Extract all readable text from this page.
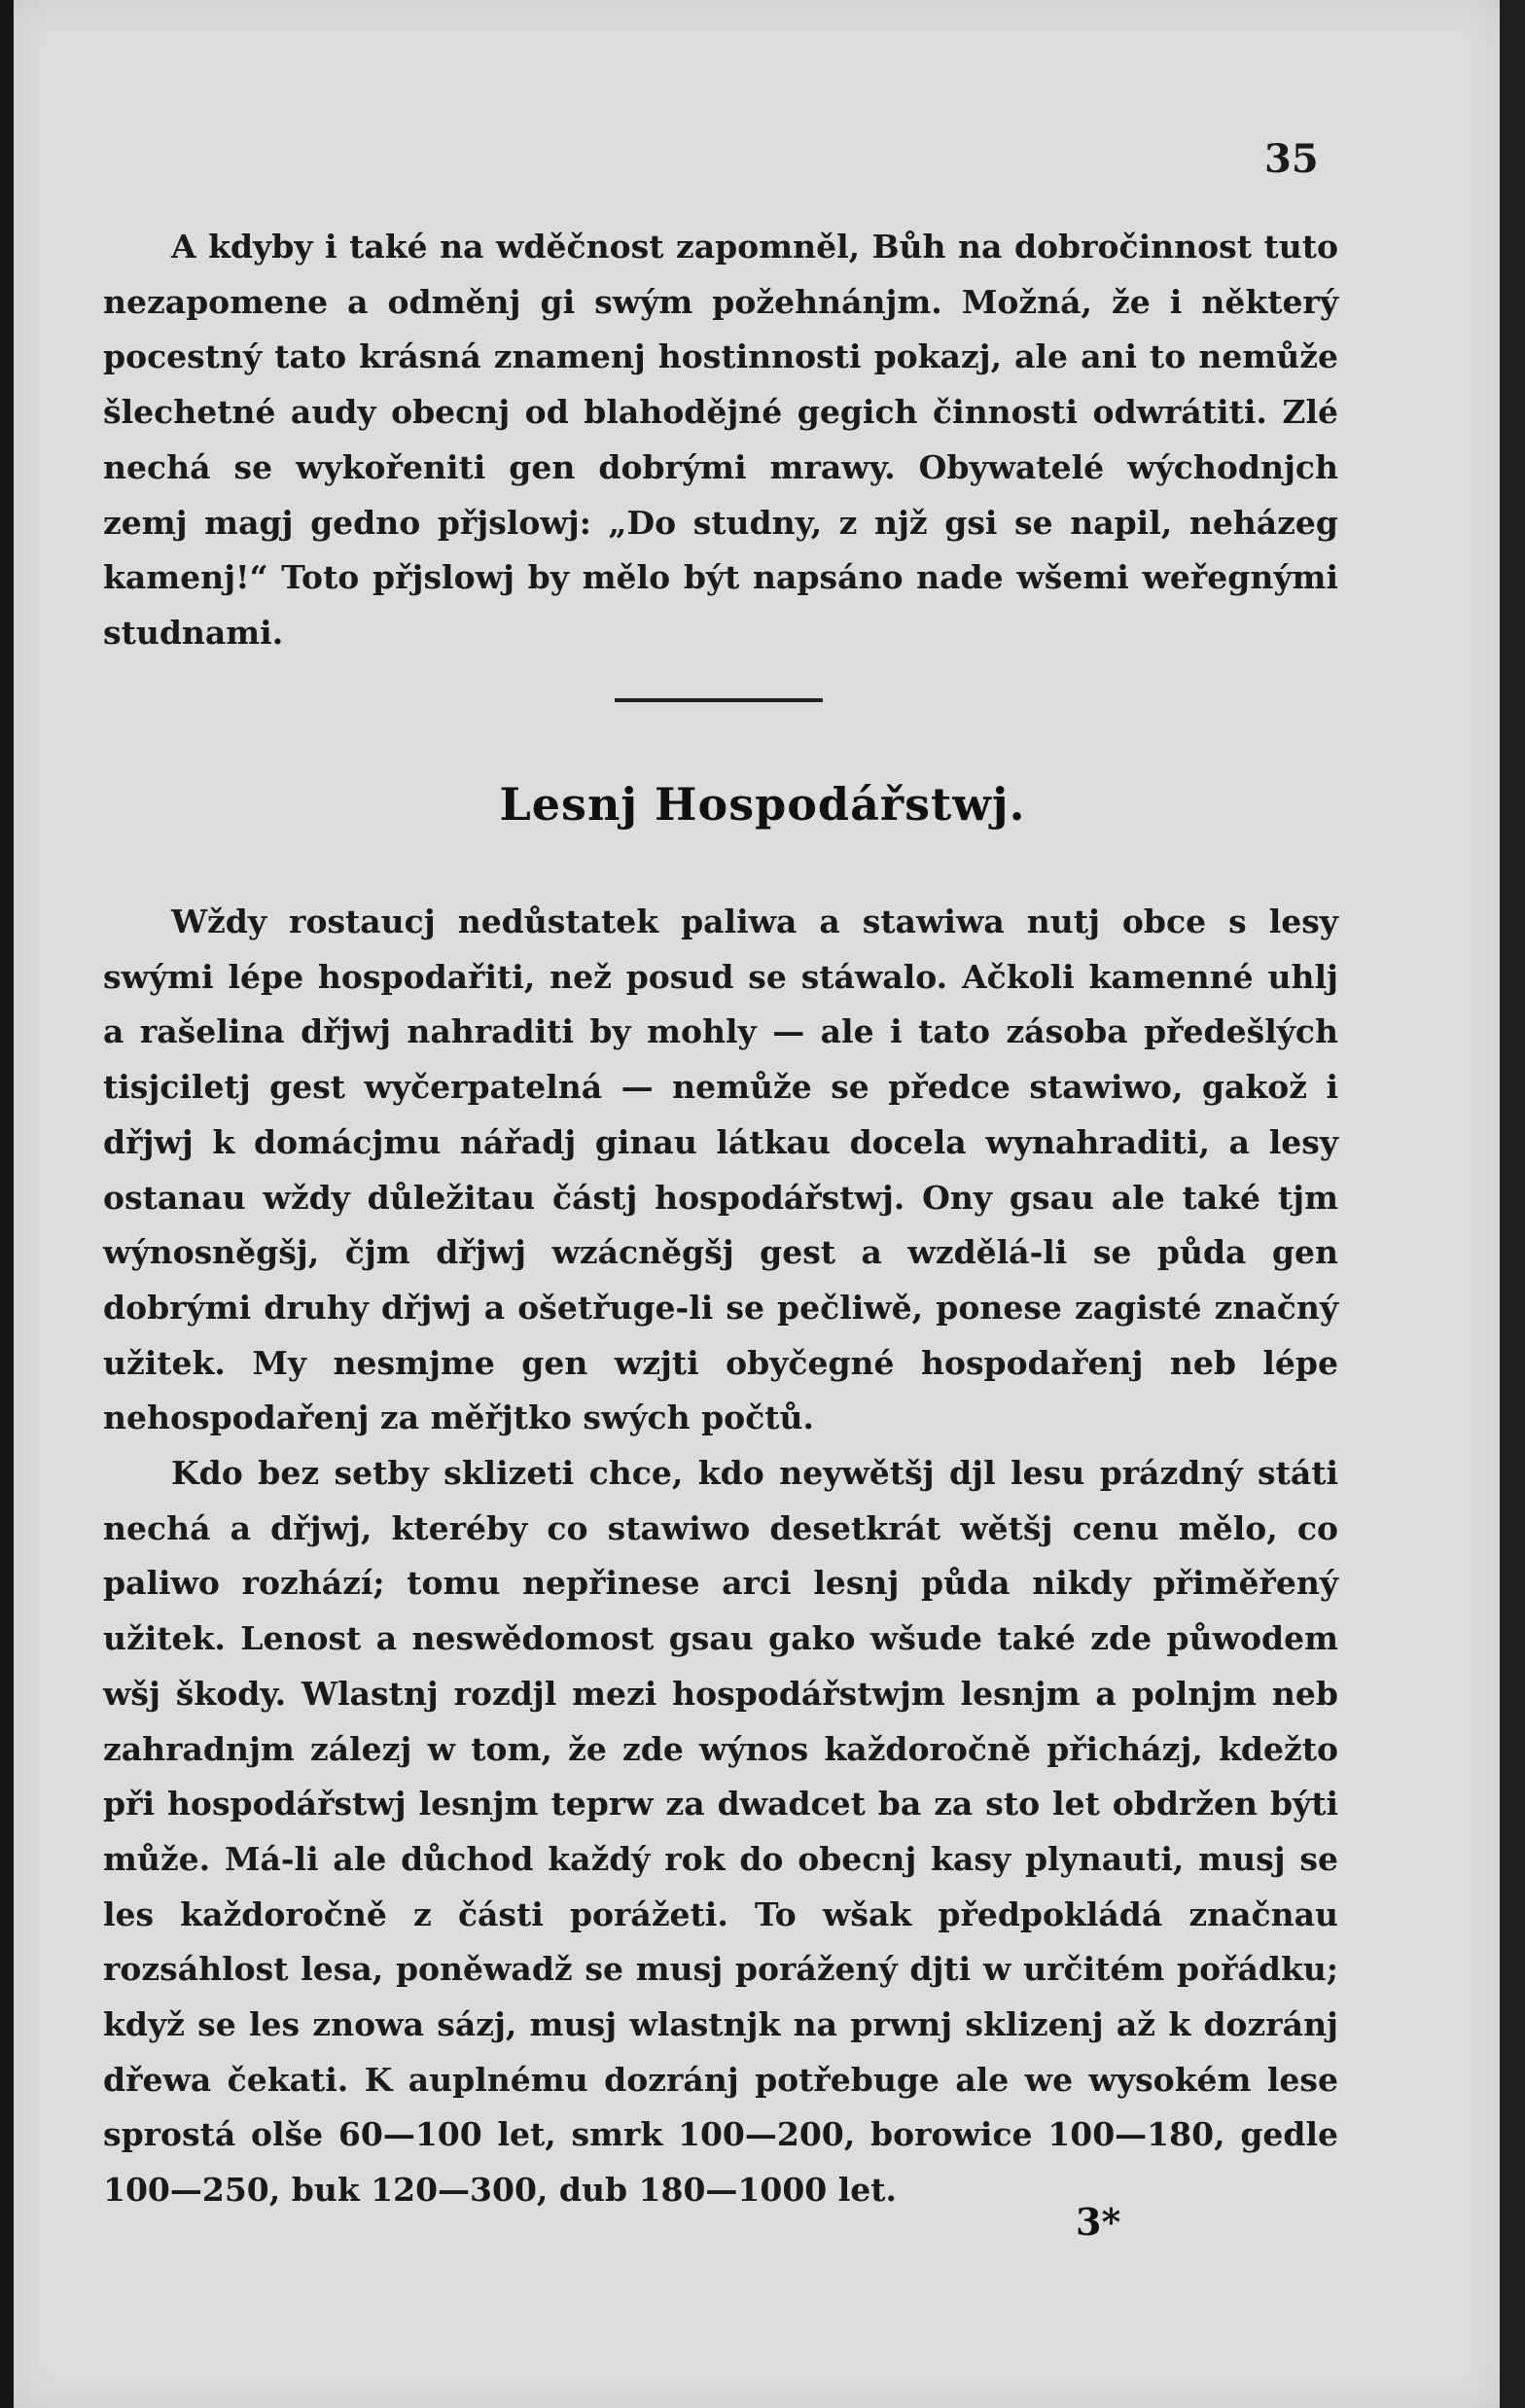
35

A kdyby i také na wděčnost zapomněl, Bůh na dobročinnost tuto nezapomene a odměnj gi swým požehnánjm. Možná, že i některý pocestný tato krásná znamenj hostinnosti pokazj, ale ani to nemůže šlechetné audy obecnj od blahodějné gegich činnosti odwrátiti. Zlé nechá se wykořeniti gen dobrými mrawy. Obywatelé wýchodnjch zemj magj gedno přjslowj: „Do studny, z njž gsi se napil, neházeg kamenj!“ Toto přjslowj by mělo být napsáno nade wšemi weřegnými studnami.

Lesnj Hospodářstwj.

Wždy rostaucj nedůstatek paliwa a stawiwa nutj obce s lesy swými lépe hospodařiti, než posud se stáwalo. Ačkoli kamenné uhlj a rašelina dřjwj nahraditi by mohly — ale i tato zásoba předešlých tisjciletj gest wyčerpatelná — nemůže se předce stawiwo, gakož i dřjwj k domácjmu nářadj ginau látkau docela wynahraditi, a lesy ostanau wždy důležitau částj hospodářstwj. Ony gsau ale také tjm wýnosněgšj, čjm dřjwj wzácněgšj gest a wzdělá-li se půda gen dobrými druhy dřjwj a ošetřuge-li se pečliwě, ponese zagisté značný užitek. My nesmjme gen wzjti obyčegné hospodařenj neb lépe nehospodařenj za měřjtko swých počtů.

Kdo bez setby sklizeti chce, kdo neywětšj djl lesu prázdný státi nechá a dřjwj, kteréby co stawiwo desetkrát wětšj cenu mělo, co paliwo rozhází; tomu nepřinese arci lesnj půda nikdy přiměřený užitek. Lenost a neswědomost gsau gako wšude také zde půwodem wšj škody. Wlastnj rozdjl mezi hospodářstwjm lesnjm a polnjm neb zahradnjm zálezj w tom, že zde wýnos každoročně přicházj, kdežto při hospodářstwj lesnjm teprw za dwadcet ba za sto let obdržen býti může. Má-li ale důchod každý rok do obecnj kasy plynauti, musj se les každoročně z části porážeti. To wšak předpokládá značnau rozsáhlost lesa, poněwadž se musj porážený djti w určitém pořádku; když se les znowa sázj, musj wlastnjk na prwnj sklizenj až k dozránj dřewa čekati. K auplnému dozránj potřebuge ale we wysokém lese sprostá olše 60—100 let, smrk 100—200, borowice 100—180, gedle 100—250, buk 120—300, dub 180—1000 let.

3*
